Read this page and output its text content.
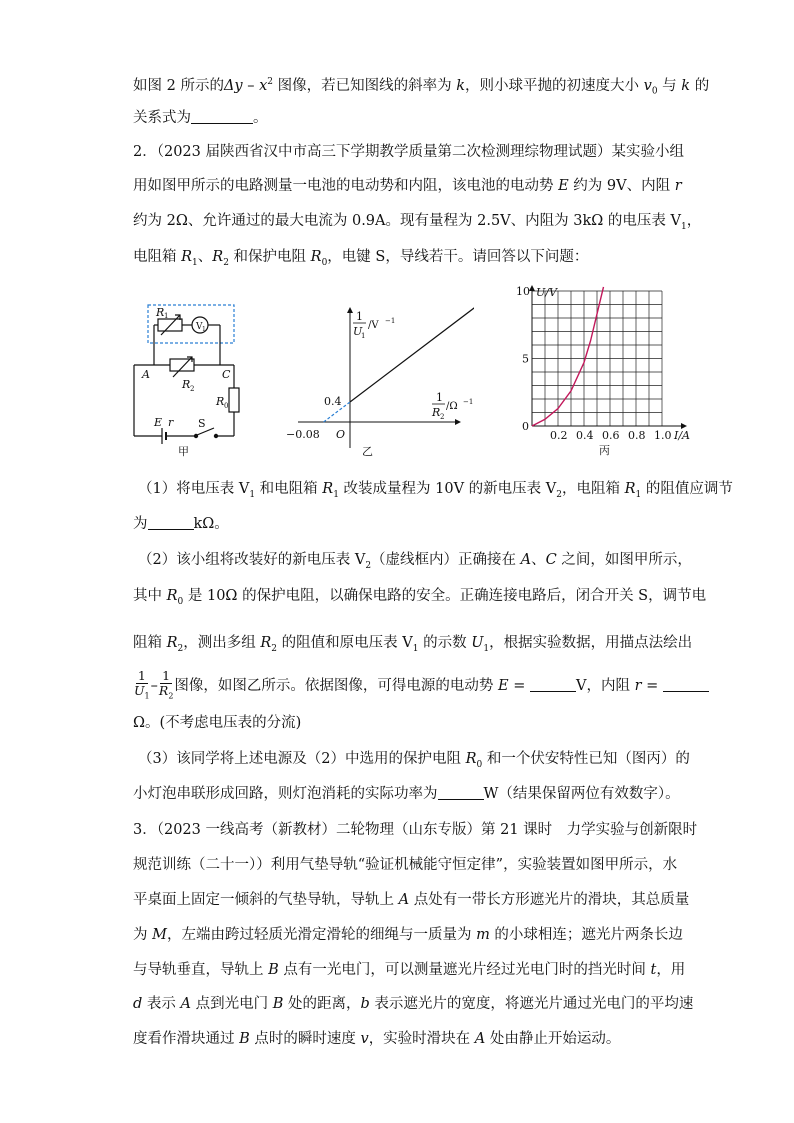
如图 2 所示的Δy – $x^2$ 图像，若已知图线的斜率为 k，则小球平抛的初速度大小 $v_0$ 与 k 的
关系式为	。
2．（2023 届陕西省汉中市高三下学期教学质量第二次检测理综物理试题）某实验小组
用如图甲所示的电路测量一电池的电动势和内阻，该电池的电动势 E 约为 9V、内阻 r
约为 2Ω、允许通过的最大电流为 0.9A。现有量程为 2.5V、内阻为 3kΩ 的电压表 $V_1$，
电阻箱 $R_1$、$R_2$ 和保护电阻 $R_0$，电键 S，导线若干。请回答以下问题：
R 1
V 1
A	C
R 2
R 0
E r S
甲
1
U
1
/V −1
1
R 2
/Ω −1
0.4
−0.08 O
乙
0.2 0.4 0.6 0.8 1.0
5
10 U/V
I/A
0
丙
（1）将电压表 $V_1$ 和电阻箱 $R_1$ 改装成量程为 10V 的新电压表 $V_2$，电阻箱 $R_1$ 的阻值应调节
为	kΩ。
（2）该小组将改装好的新电压表 $V_2$（虚线框内）正确接在 A、C 之间，如图甲所示，
其中 $R_0$ 是 10Ω 的保护电阻，以确保电路的安全。正确连接电路后，闭合开关 S，调节电
阻箱 $R_2$，测出多组 $R_2$ 的阻值和原电压表 $V_1$ 的示数 $U_1$，根据实验数据，用描点法绘出
$\frac{1}{U_1} - \frac{1}{R_2}$ 图像，如图乙所示。依据图像，可得电源的电动势 E =	V，内阻 r =
Ω。(不考虑电压表的分流)
（3）该同学将上述电源及（2）中选用的保护电阻 $R_0$ 和一个伏安特性已知（图丙）的
小灯泡串联形成回路，则灯泡消耗的实际功率为	W（结果保留两位有效数字）。
3．（2023 一线高考（新教材）二轮物理（山东专版）第 21 课时　力学实验与创新限时
规范训练（二十一））利用气垫导轨“验证机械能守恒定律”，实验装置如图甲所示，水
平桌面上固定一倾斜的气垫导轨，导轨上 A 点处有一带长方形遮光片的滑块，其总质量
为 M，左端由跨过轻质光滑定滑轮的细绳与一质量为 m 的小球相连；遮光片两条长边
与导轨垂直，导轨上 B 点有一光电门，可以测量遮光片经过光电门时的挡光时间 t，用
d 表示 A 点到光电门 B 处的距离，b 表示遮光片的宽度，将遮光片通过光电门的平均速
度看作滑块通过 B 点时的瞬时速度 v，实验时滑块在 A 处由静止开始运动。
